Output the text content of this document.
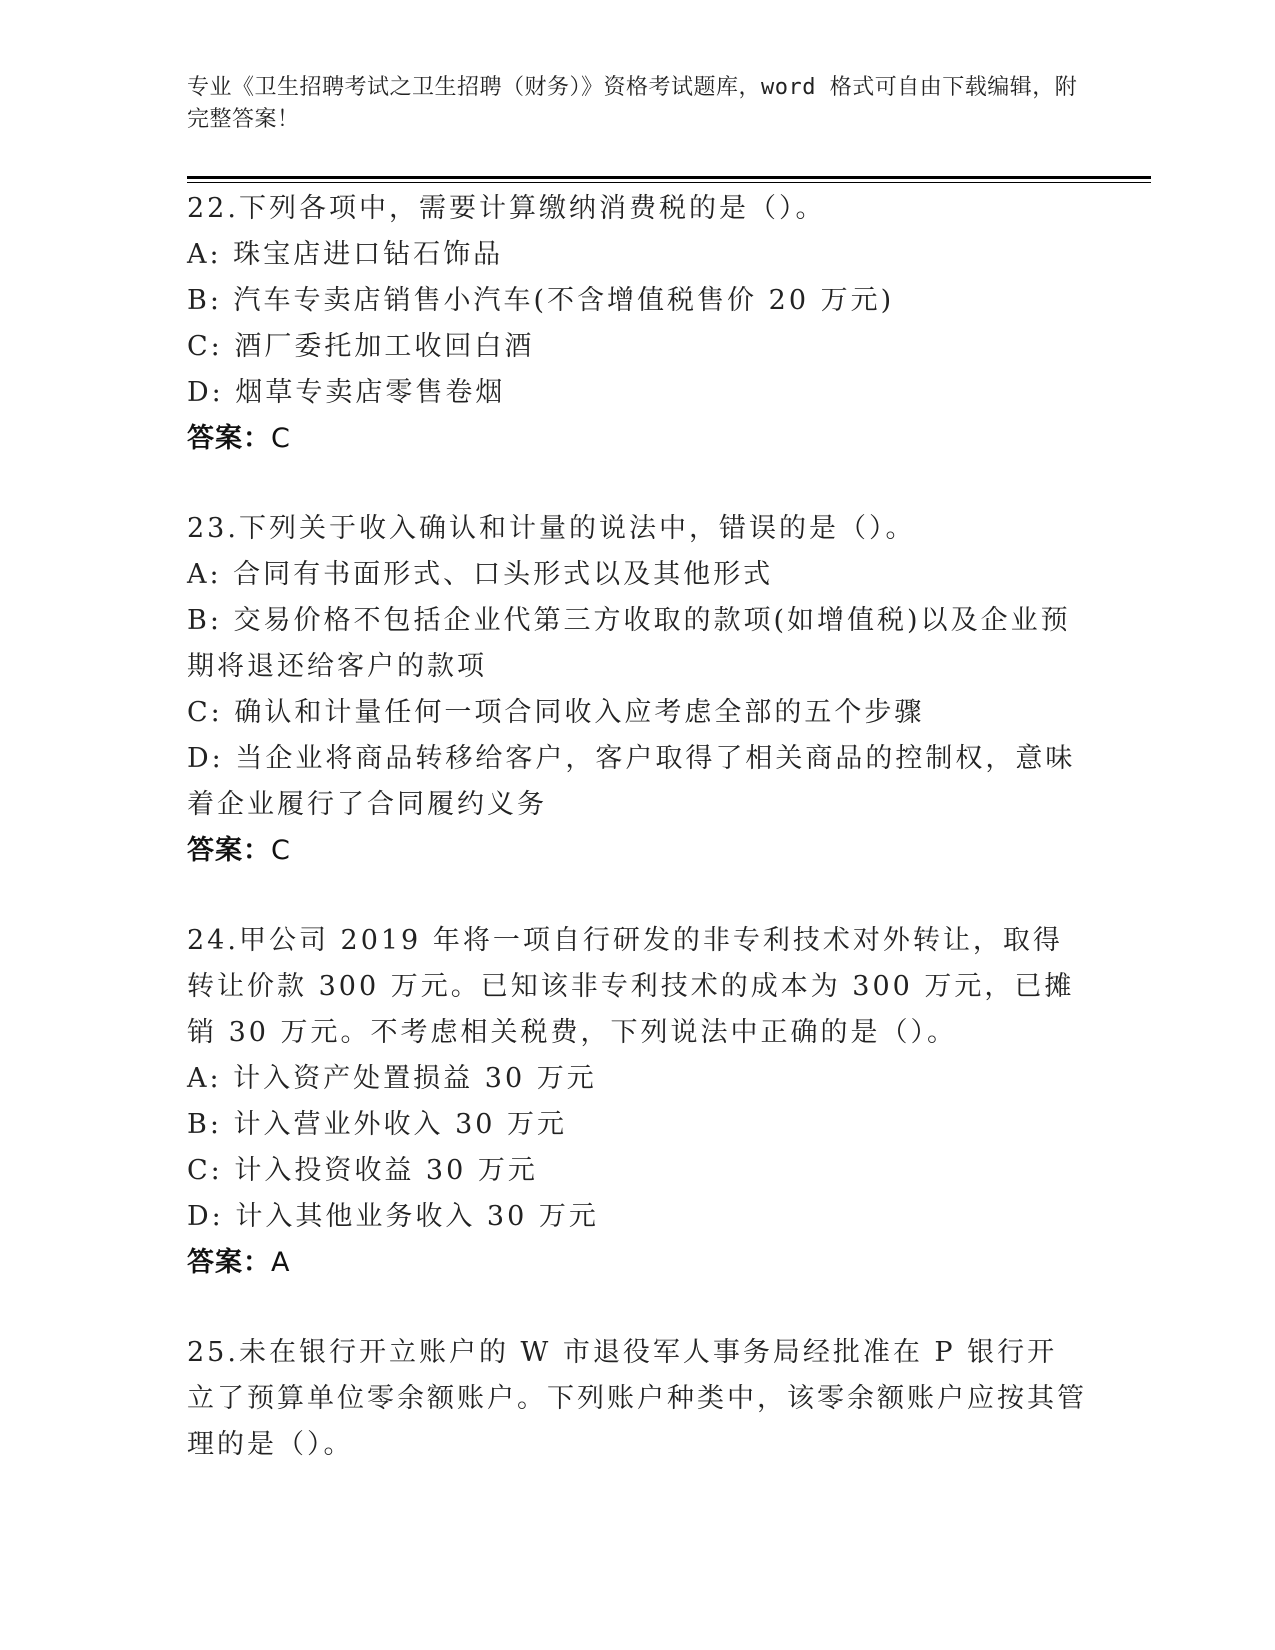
专业《卫生招聘考试之卫生招聘（财务）》资格考试题库，word 格式可自由下载编辑，附完整答案！

22.下列各项中，需要计算缴纳消费税的是（）。

A: 珠宝店进口钻石饰品

B: 汽车专卖店销售小汽车(不含增值税售价 20 万元)

C: 酒厂委托加工收回白酒

D: 烟草专卖店零售卷烟

答案：C

23.下列关于收入确认和计量的说法中，错误的是（）。

A: 合同有书面形式、口头形式以及其他形式

B: 交易价格不包括企业代第三方收取的款项(如增值税)以及企业预期将退还给客户的款项

C: 确认和计量任何一项合同收入应考虑全部的五个步骤

D: 当企业将商品转移给客户，客户取得了相关商品的控制权，意味着企业履行了合同履约义务

答案：C

24.甲公司 2019 年将一项自行研发的非专利技术对外转让，取得转让价款 300 万元。已知该非专利技术的成本为 300 万元，已摊销 30 万元。不考虑相关税费，下列说法中正确的是（）。

A: 计入资产处置损益 30 万元

B: 计入营业外收入 30 万元

C: 计入投资收益 30 万元

D: 计入其他业务收入 30 万元

答案：A

25.未在银行开立账户的 W 市退役军人事务局经批准在 P 银行开立了预算单位零余额账户。下列账户种类中，该零余额账户应按其管理的是（）。
